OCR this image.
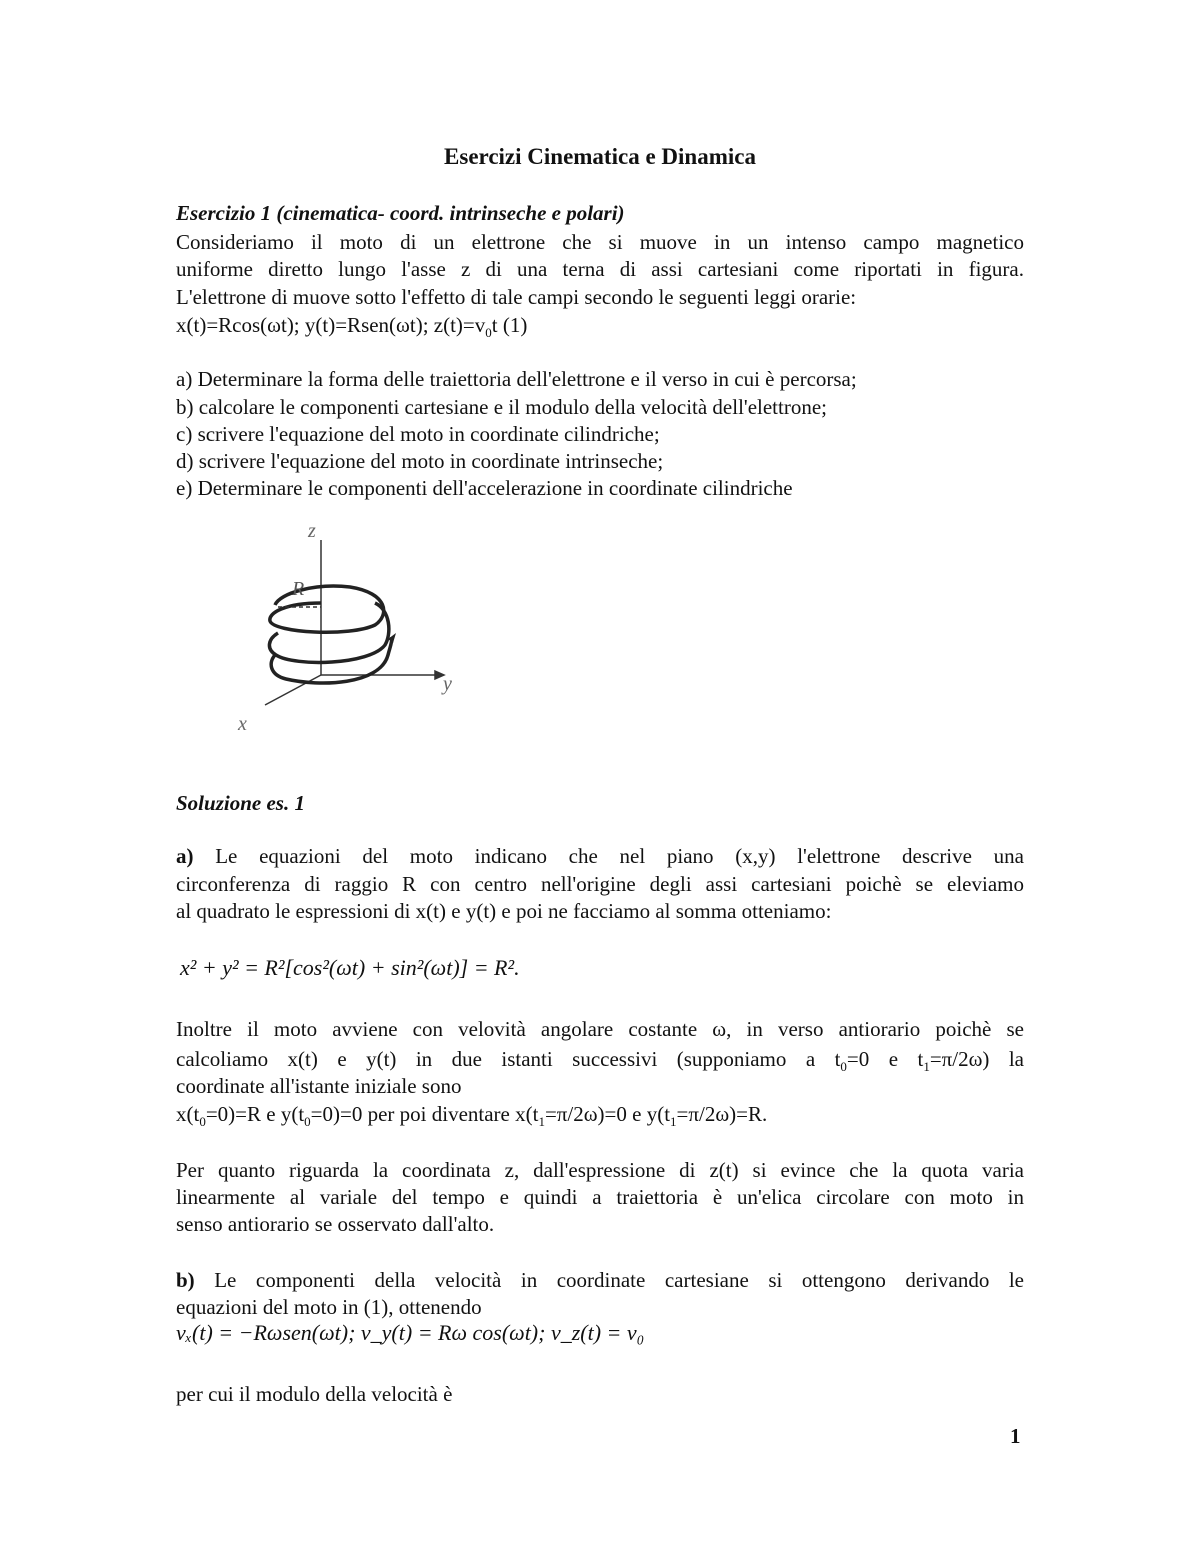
Esercizi Cinematica e Dinamica
Esercizio 1 (cinematica- coord. intrinseche e polari)
Consideriamo il moto di un elettrone che si muove in un intenso campo magnetico
uniforme diretto lungo l'asse z di una terna di assi cartesiani come riportati in figura.
L'elettrone di muove sotto l'effetto di tale campi secondo le seguenti leggi orarie:
x(t)=Rcos(ωt); y(t)=Rsen(ωt); $z(t)=v_0t$ (1)
a) Determinare la forma delle traiettoria dell'elettrone e il verso in cui è percorsa;
b) calcolare le componenti cartesiane e il modulo della velocità dell'elettrone;
c) scrivere l'equazione del moto in coordinate cilindriche;
d) scrivere l'equazione del moto in coordinate intrinseche;
e) Determinare le componenti dell'accelerazione in coordinate cilindriche
z
y
x
R
Soluzione es. 1
a) Le equazioni del moto indicano che nel piano (x,y) l'elettrone descrive una
circonferenza di raggio R con centro nell'origine degli assi cartesiani poichè se eleviamo
al quadrato le espressioni di x(t) e y(t) e poi ne facciamo al somma otteniamo:
x² + y² = R²[cos²(ωt) + sin²(ωt)] = R².
Inoltre il moto avviene con velovità angolare costante ω, in verso antiorario poichè se
calcoliamo x(t) e y(t) in due istanti successivi (supponiamo a $t_0=0$ e $t_1=\pi/2\omega$) la
coordinate all'istante iniziale sono
$x(t_0=0)=R$ e $y(t_0=0)=0$ per poi diventare $x(t_1=\pi/2\omega)=0$ e $y(t_1=\pi/2\omega)=R$.
Per quanto riguarda la coordinata z, dall'espressione di z(t) si evince che la quota varia
linearmente al variale del tempo e quindi a traiettoria è un'elica circolare con moto in
senso antiorario se osservato dall'alto.
b) Le componenti della velocità in coordinate cartesiane si ottengono derivando le
equazioni del moto in (1), ottenendo
vₓ(t) = −Rωsen(ωt); v_y(t) = Rω cos(ωt); v_z(t) = v₀
per cui il modulo della velocità è
1
